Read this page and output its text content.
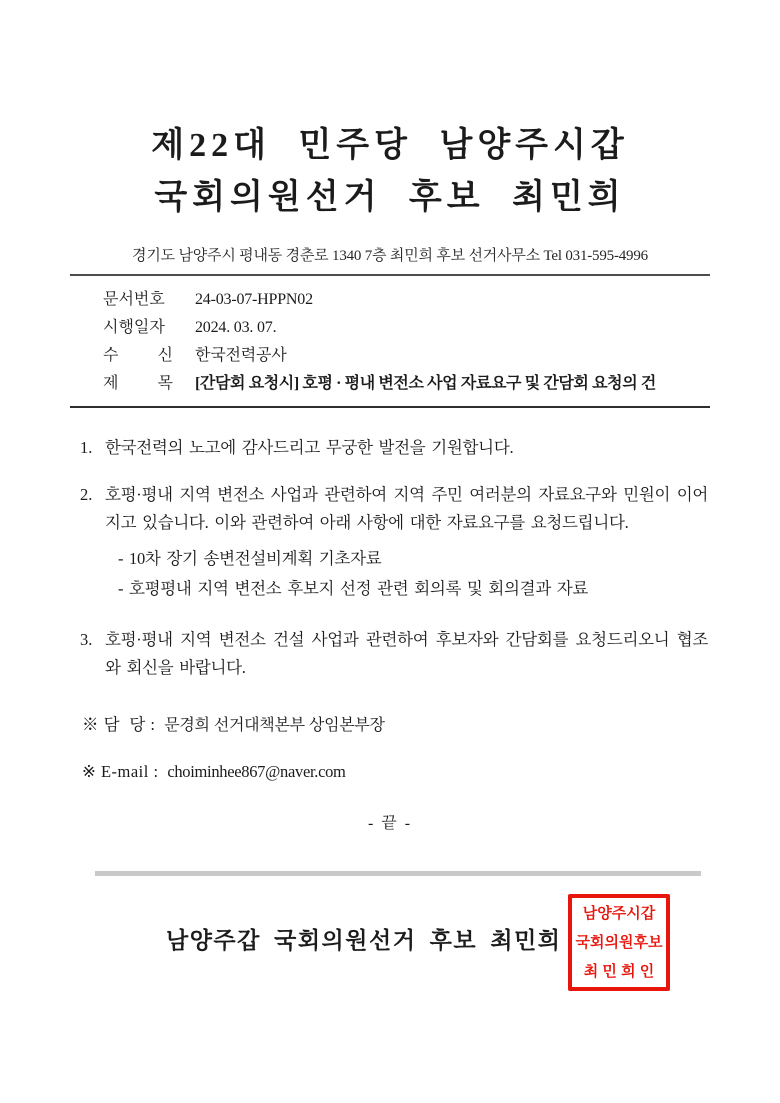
제22대 민주당 남양주시갑
국회의원선거 후보 최민희

경기도 남양주시 평내동 경춘로 1340 7층 최민희 후보 선거사무소 Tel 031-595-4996

문서번호	24-03-07-HPPN02
시행일자	2024. 03. 07.
수 신 한국전력공사
제 목 [간담회 요청시] 호평 · 평내 변전소 사업 자료요구 및 간담회 요청의 건
1. 한국전력의 노고에 감사드리고 무궁한 발전을 기원합니다.
2. 호평·평내 지역 변전소 사업과 관련하여 지역 주민 여러분의 자료요구와 민원이 이어지고 있습니다. 이와 관련하여 아래 사항에 대한 자료요구를 요청드립니다.
- 10차 장기 송변전설비계획 기초자료
- 호평평내 지역 변전소 후보지 선정 관련 회의록 및 회의결과 자료
3. 호평·평내 지역 변전소 건설 사업과 관련하여 후보자와 간담회를 요청드리오니 협조와 회신을 바랍니다.

※ 담  당 :  문경희 선거대책본부 상임본부장

※ E-mail :  choiminhee867@naver.com

- 끝 -

남양주갑 국회의원선거 후보 최민희

남양주시갑
국회의원후보
최 민 희 인
